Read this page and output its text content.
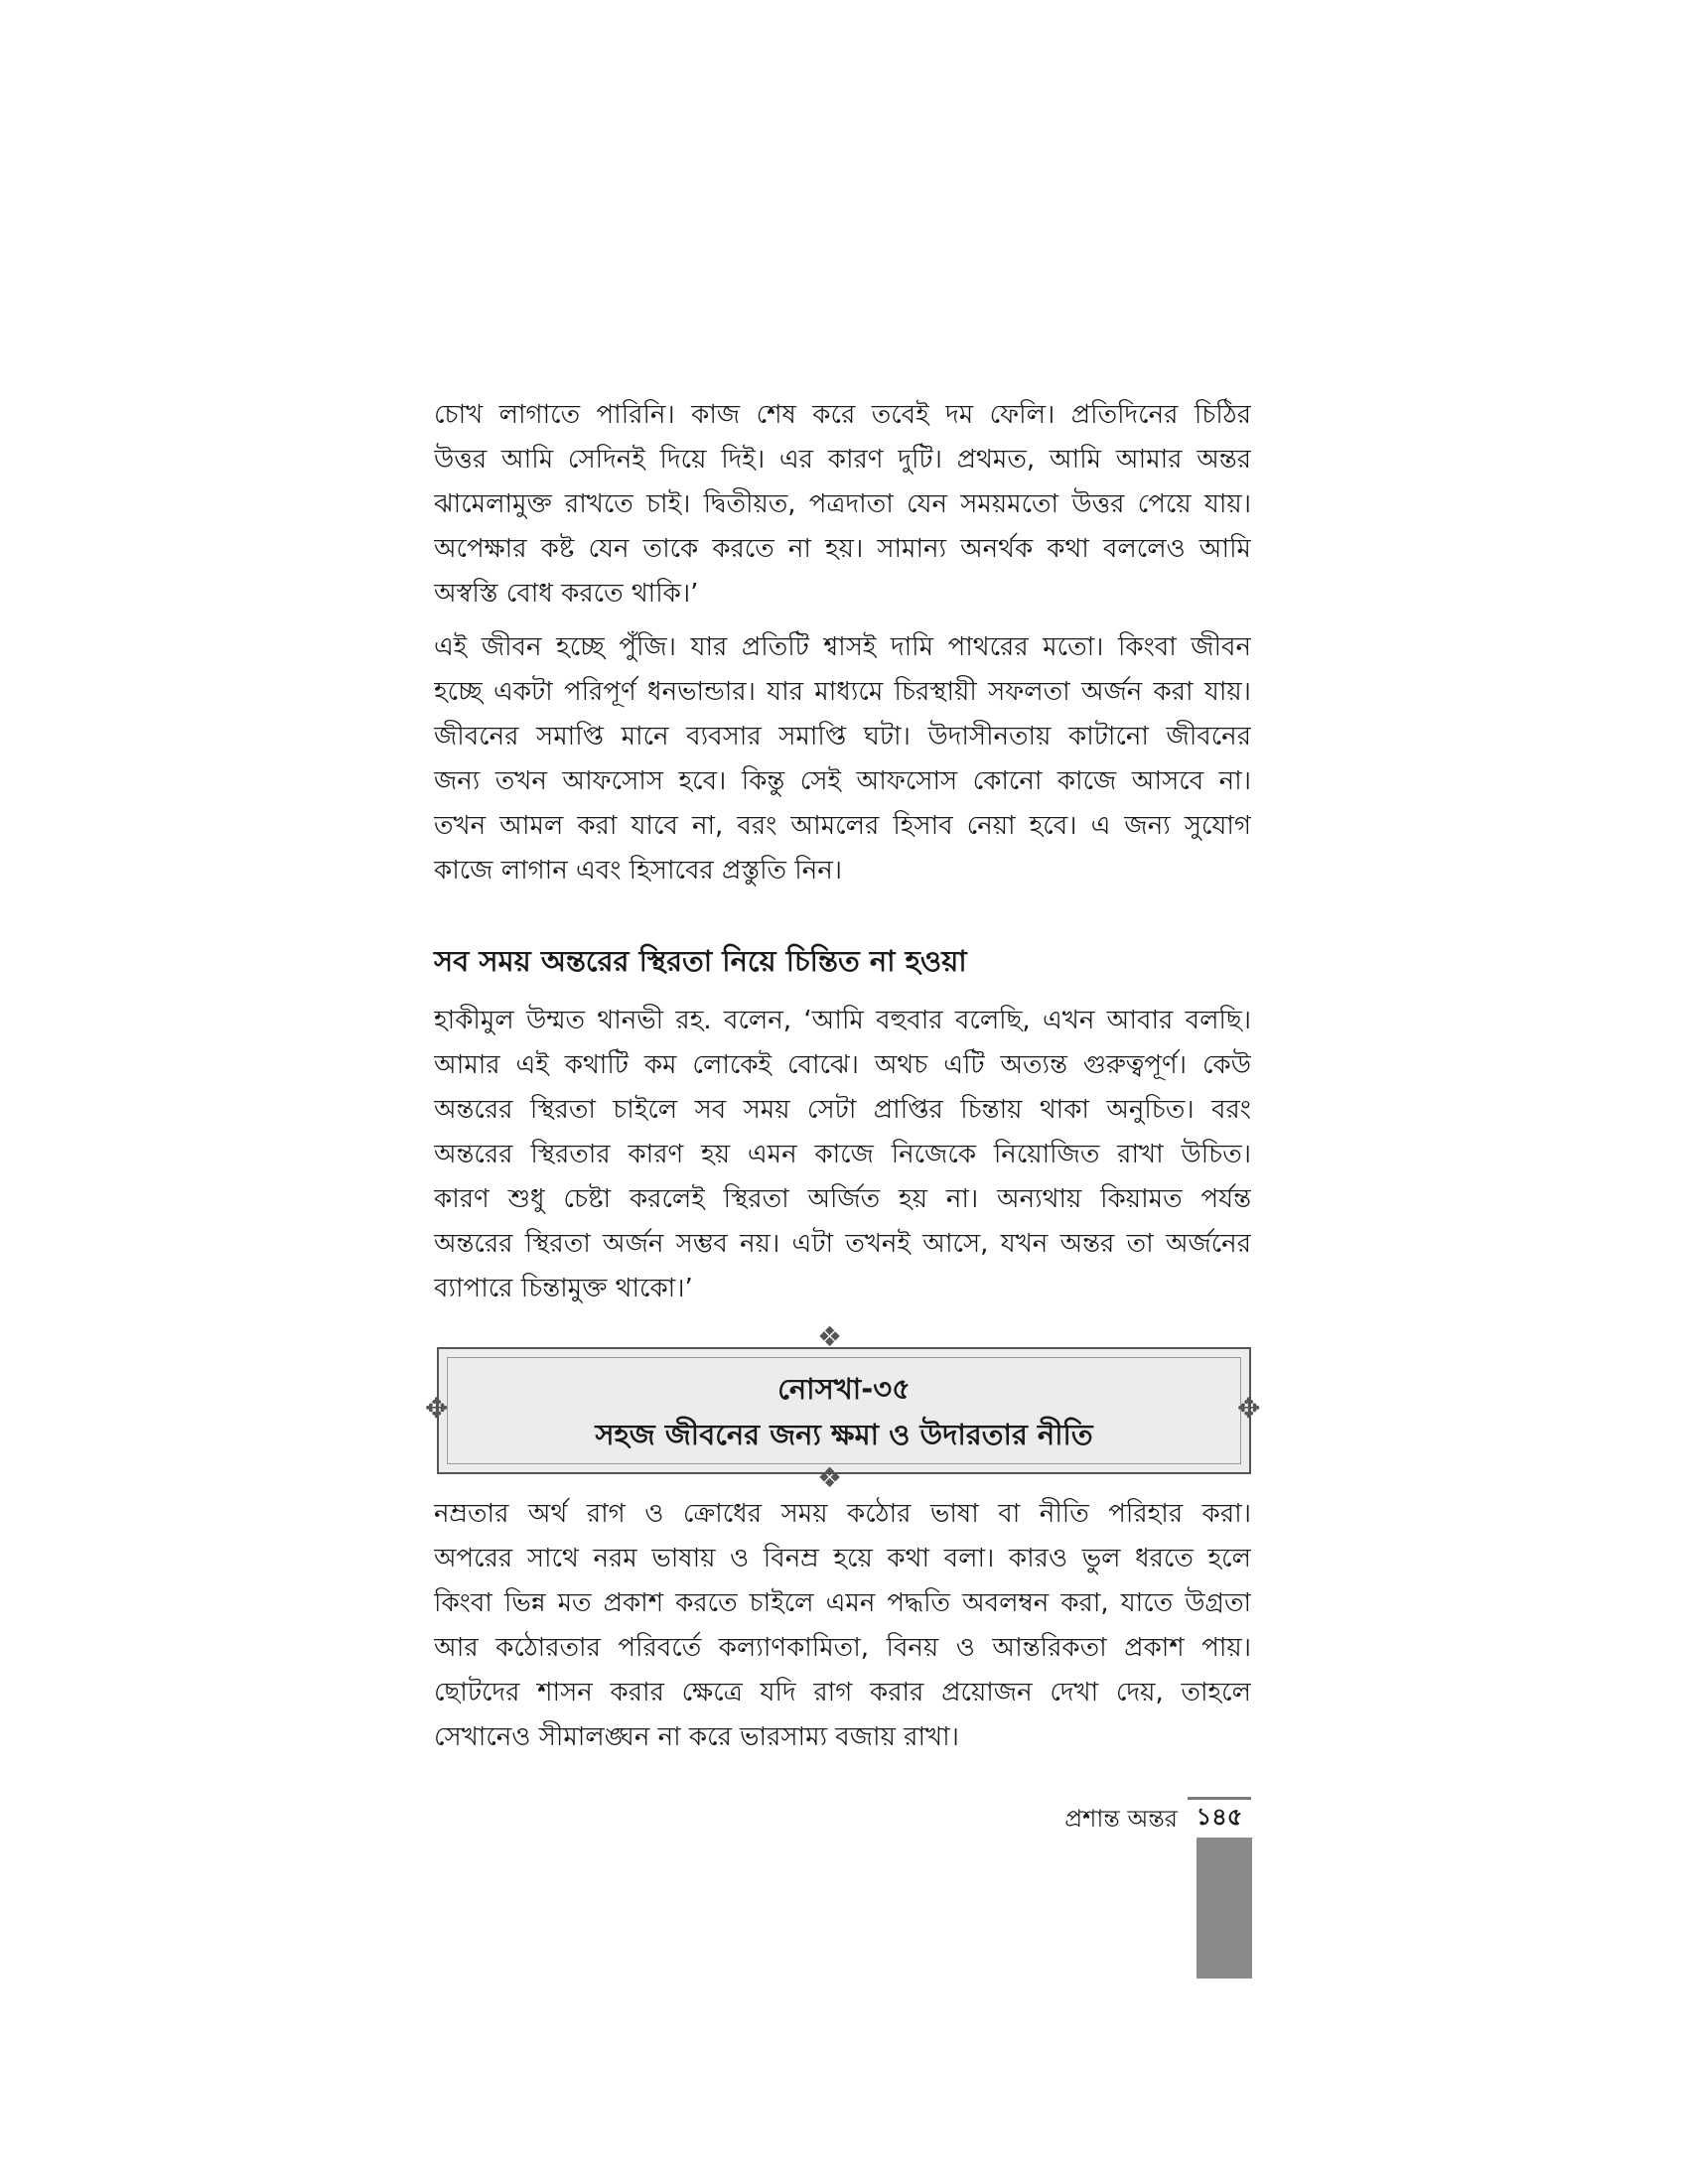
চোখ লাগাতে পারিনি। কাজ শেষ করে তবেই দম ফেলি। প্রতিদিনের চিঠির
উত্তর আমি সেদিনই দিয়ে দিই। এর কারণ দুটি। প্রথমত, আমি আমার অন্তর
ঝামেলামুক্ত রাখতে চাই। দ্বিতীয়ত, পত্রদাতা যেন সময়মতো উত্তর পেয়ে যায়।
অপেক্ষার কষ্ট যেন তাকে করতে না হয়। সামান্য অনর্থক কথা বললেও আমি
অস্বস্তি বোধ করতে থাকি।’
এই জীবন হচ্ছে পুঁজি। যার প্রতিটি শ্বাসই দামি পাথরের মতো। কিংবা জীবন
হচ্ছে একটা পরিপূর্ণ ধনভান্ডার। যার মাধ্যমে চিরস্থায়ী সফলতা অর্জন করা যায়।
জীবনের সমাপ্তি মানে ব্যবসার সমাপ্তি ঘটা। উদাসীনতায় কাটানো জীবনের
জন্য তখন আফসোস হবে। কিন্তু সেই আফসোস কোনো কাজে আসবে না।
তখন আমল করা যাবে না, বরং আমলের হিসাব নেয়া হবে। এ জন্য সুযোগ
কাজে লাগান এবং হিসাবের প্রস্তুতি নিন।
সব সময় অন্তরের স্থিরতা নিয়ে চিন্তিত না হওয়া
হাকীমুল উম্মত থানভী রহ. বলেন, ‘আমি বহুবার বলেছি, এখন আবার বলছি।
আমার এই কথাটি কম লোকেই বোঝে। অথচ এটি অত্যন্ত গুরুত্বপূর্ণ। কেউ
অন্তরের স্থিরতা চাইলে সব সময় সেটা প্রাপ্তির চিন্তায় থাকা অনুচিত। বরং
অন্তরের স্থিরতার কারণ হয় এমন কাজে নিজেকে নিয়োজিত রাখা উচিত।
কারণ শুধু চেষ্টা করলেই স্থিরতা অর্জিত হয় না। অন্যথায় কিয়ামত পর্যন্ত
অন্তরের স্থিরতা অর্জন সম্ভব নয়। এটা তখনই আসে, যখন অন্তর তা অর্জনের
ব্যাপারে চিন্তামুক্ত থাকো।’
নোসখা-৩৫
সহজ জীবনের জন্য ক্ষমা ও উদারতার নীতি
❖
❖
✥	✥
নম্রতার অর্থ রাগ ও ক্রোধের সময় কঠোর ভাষা বা নীতি পরিহার করা।
অপরের সাথে নরম ভাষায় ও বিনম্র হয়ে কথা বলা। কারও ভুল ধরতে হলে
কিংবা ভিন্ন মত প্রকাশ করতে চাইলে এমন পদ্ধতি অবলম্বন করা, যাতে উগ্রতা
আর কঠোরতার পরিবর্তে কল্যাণকামিতা, বিনয় ও আন্তরিকতা প্রকাশ পায়।
ছোটদের শাসন করার ক্ষেত্রে যদি রাগ করার প্রয়োজন দেখা দেয়, তাহলে
সেখানেও সীমালঙ্ঘন না করে ভারসাম্য বজায় রাখা।
প্রশান্ত অন্তর ১৪৫
